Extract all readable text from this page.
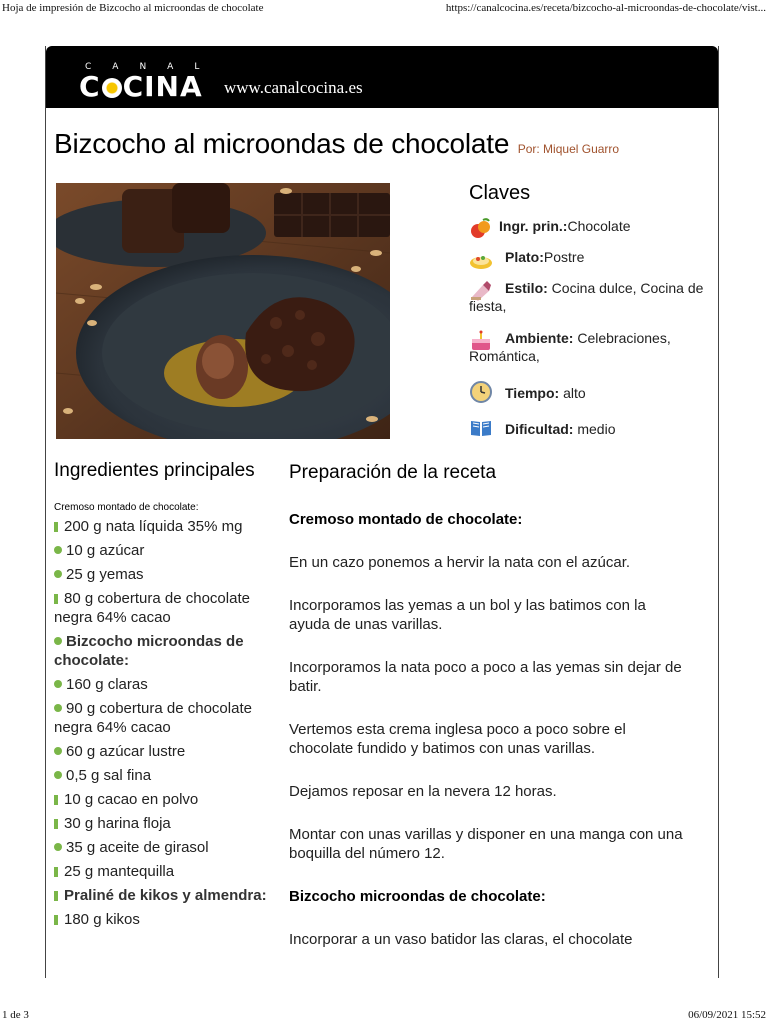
Hoja de impresión de Bizcocho al microondas de chocolate	https://canalcocina.es/receta/bizcocho-al-microondas-de-chocolate/vist...
CANAL
C CINA www.canalcocina.es
Bizcocho al microondas de chocolate Por: Miquel Guarro
Claves
Ingr. prin.:Chocolate
Plato:Postre
Estilo: Cocina dulce, Cocina de fiesta,
Ambiente: Celebraciones, Romántica,
Tiempo: alto
Dificultad: medio
Ingredientes principales
Cremoso montado de chocolate:
200 g nata líquida 35% mg
10 g azúcar
25 g yemas
80 g cobertura de chocolate negra 64% cacao
Bizcocho microondas de chocolate:
160 g claras
90 g cobertura de chocolate negra 64% cacao
60 g azúcar lustre
0,5 g sal fina
10 g cacao en polvo
30 g harina floja
35 g aceite de girasol
25 g mantequilla
Praliné de kikos y almendra:
180 g kikos
Preparación de la receta

Cremoso montado de chocolate:

En un cazo ponemos a hervir la nata con el azúcar.

Incorporamos las yemas a un bol y las batimos con la ayuda de unas varillas.

Incorporamos la nata poco a poco a las yemas sin dejar de batir.

Vertemos esta crema inglesa poco a poco sobre el chocolate fundido y batimos con unas varillas.

Dejamos reposar en la nevera 12 horas.

Montar con unas varillas y disponer en una manga con una boquilla del número 12.

Bizcocho microondas de chocolate:

Incorporar a un vaso batidor las claras, el chocolate

1 de 3	06/09/2021 15:52
